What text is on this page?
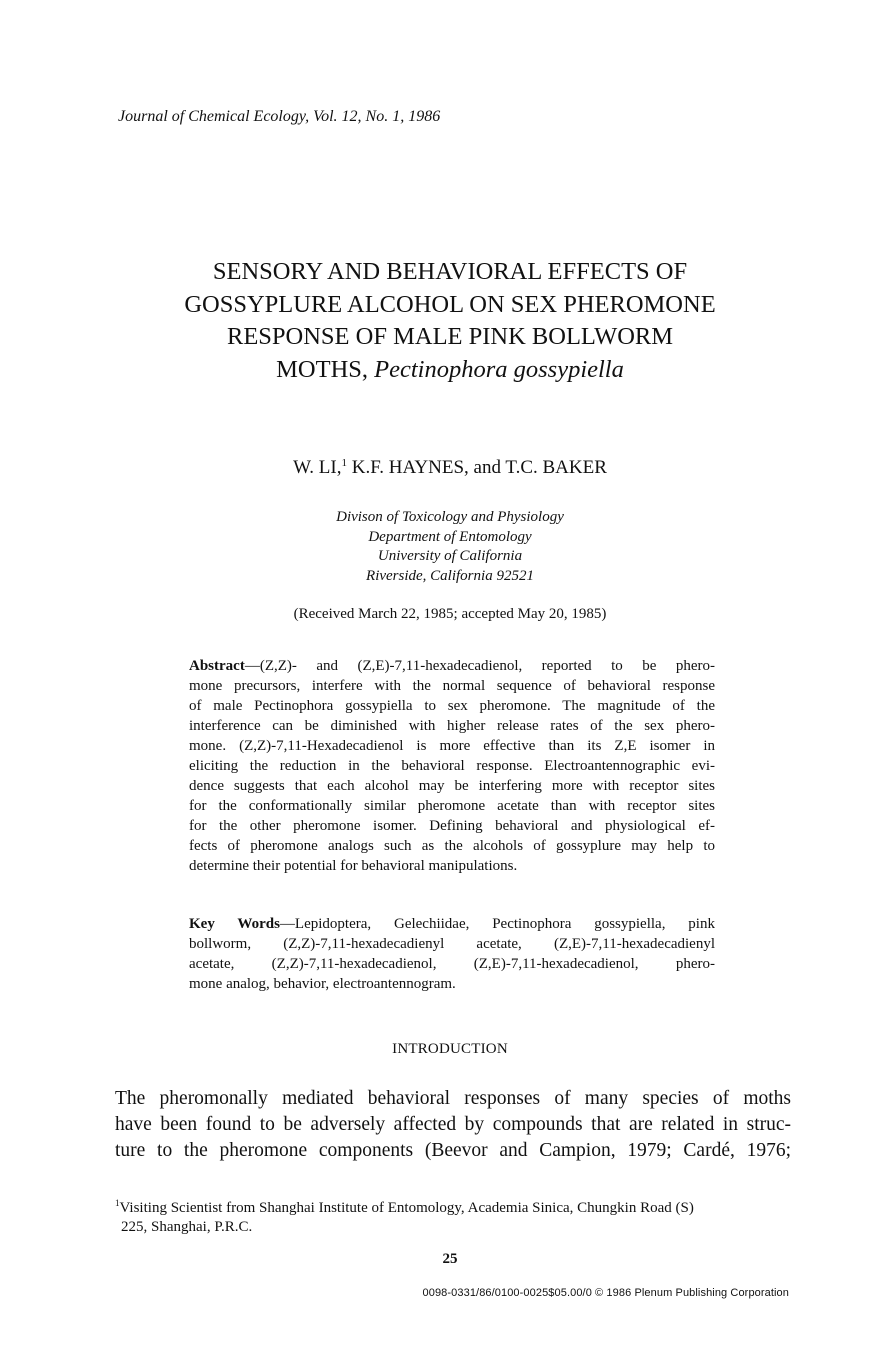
Journal of Chemical Ecology, Vol. 12, No. 1, 1986
SENSORY AND BEHAVIORAL EFFECTS OF
GOSSYPLURE ALCOHOL ON SEX PHEROMONE
RESPONSE OF MALE PINK BOLLWORM
MOTHS, Pectinophora gossypiella
W. LI,$^1$ K.F. HAYNES, and T.C. BAKER
Divison of Toxicology and Physiology
Department of Entomology
University of California
Riverside, California 92521
(Received March 22, 1985; accepted May 20, 1985)
Abstract—(Z,Z)- and (Z,E)-7,11-hexadecadienol, reported to be phero-
mone precursors, interfere with the normal sequence of behavioral response
of male Pectinophora gossypiella to sex pheromone. The magnitude of the
interference can be diminished with higher release rates of the sex phero-
mone. (Z,Z)-7,11-Hexadecadienol is more effective than its Z,E isomer in
eliciting the reduction in the behavioral response. Electroantennographic evi-
dence suggests that each alcohol may be interfering more with receptor sites
for the conformationally similar pheromone acetate than with receptor sites
for the other pheromone isomer. Defining behavioral and physiological ef-
fects of pheromone analogs such as the alcohols of gossyplure may help to
determine their potential for behavioral manipulations.
Key Words—Lepidoptera, Gelechiidae, Pectinophora gossypiella, pink
bollworm, (Z,Z)-7,11-hexadecadienyl acetate, (Z,E)-7,11-hexadecadienyl
acetate, (Z,Z)-7,11-hexadecadienol, (Z,E)-7,11-hexadecadienol, phero-
mone analog, behavior, electroantennogram.
INTRODUCTION
The pheromonally mediated behavioral responses of many species of moths
have been found to be adversely affected by compounds that are related in struc-
ture to the pheromone components (Beevor and Campion, 1979; Cardé, 1976;
$^1$Visiting Scientist from Shanghai Institute of Entomology, Academia Sinica, Chungkin Road (S)
225, Shanghai, P.R.C.
25
0098-0331/86/0100-0025$05.00/0 © 1986 Plenum Publishing Corporation
